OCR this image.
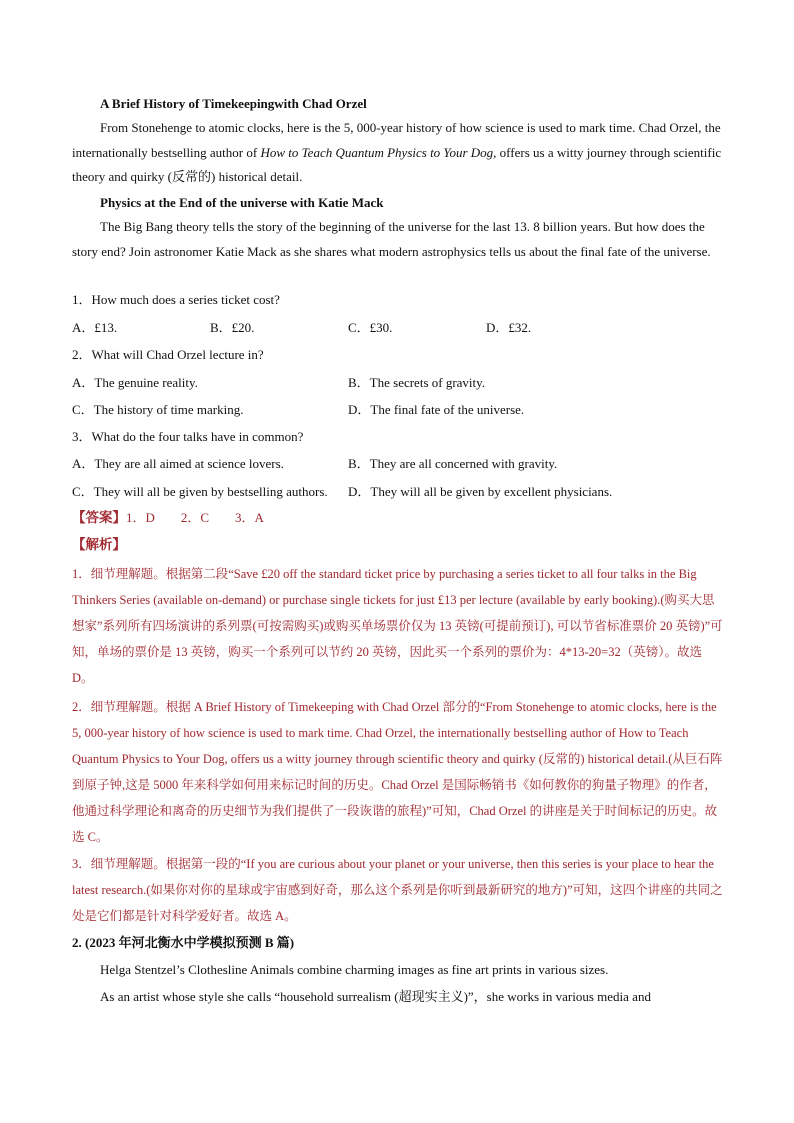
A Brief History of Timekeepingwith Chad Orzel
From Stonehenge to atomic clocks, here is the 5, 000-year history of how science is used to mark time. Chad Orzel, the internationally bestselling author of How to Teach Quantum Physics to Your Dog, offers us a witty journey through scientific theory and quirky (反常的) historical detail.
Physics at the End of the universe with Katie Mack
The Big Bang theory tells the story of the beginning of the universe for the last 13. 8 billion years. But how does the story end? Join astronomer Katie Mack as she shares what modern astrophysics tells us about the final fate of the universe.
1．How much does a series ticket cost?
A．£13.	B．£20.	C．£30.	D．£32.
2．What will Chad Orzel lecture in?
A．The genuine reality.	B．The secrets of gravity.
C．The history of time marking.	D．The final fate of the universe.
3．What do the four talks have in common?
A．They are all aimed at science lovers.	B．They are all concerned with gravity.
C．They will all be given by bestselling authors. D．They will all be given by excellent physicians.
【答案】1．D        2．C        3．A
【解析】
1．细节理解题。根据第二段“Save £20 off the standard ticket price by purchasing a series ticket to all four talks in the Big Thinkers Series (available on-demand) or purchase single tickets for just £13 per lecture (available by early booking).(购买大思想家”系列所有四场演讲的系列票(可按需购买)或购买单场票价仅为 13 英镑(可提前预订), 可以节省标准票价 20 英镑)”可知，单场的票价是 13 英镑，购买一个系列可以节约 20 英镑，因此买一个系列的票价为：4*13-20=32（英镑）。故选 D。
2．细节理解题。根据 A Brief History of Timekeeping with Chad Orzel 部分的“From Stonehenge to atomic clocks, here is the 5, 000-year history of how science is used to mark time. Chad Orzel, the internationally bestselling author of How to Teach Quantum Physics to Your Dog, offers us a witty journey through scientific theory and quirky (反常的) historical detail.(从巨石阵到原子钟,这是 5000 年来科学如何用来标记时间的历史。Chad Orzel 是国际畅销书《如何教你的狗量子物理》的作者，他通过科学理论和离奇的历史细节为我们提供了一段诙谐的旅程)”可知，Chad Orzel 的讲座是关于时间标记的历史。故选 C。
3．细节理解题。根据第一段的“If you are curious about your planet or your universe, then this series is your place to hear the latest research.(如果你对你的星球或宇宙感到好奇，那么这个系列是你听到最新研究的地方)”可知，这四个讲座的共同之处是它们都是针对科学爱好者。故选 A。
2. (2023 年河北衡水中学模拟预测 B 篇)
Helga Stentzel’s Clothesline Animals combine charming images as fine art prints in various sizes.
As an artist whose style she calls “household surrealism (超现实主义)”，she works in various media and
